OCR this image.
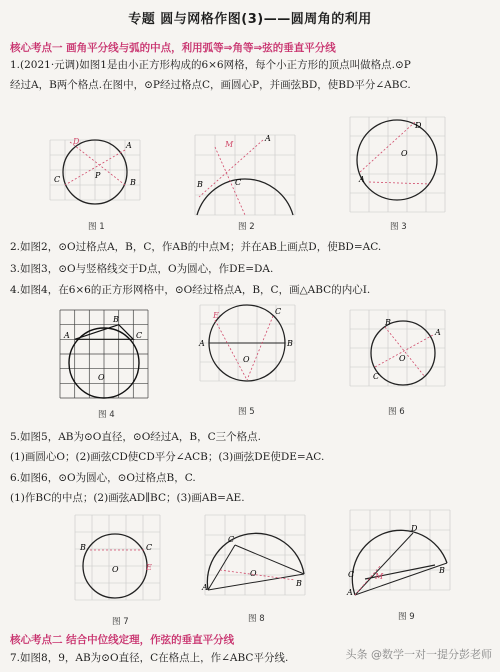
专题 圆与网格作图(3)——圆周角的利用
核心考点一 画角平分线与弧的中点，利用弧等⇒角等⇒弦的垂直平分线
1.(2021·元调)如图1是由小正方形构成的6×6网格，每个小正方形的顶点叫做格点.⊙P
经过A，B两个格点.在图中，⊙P经过格点C，画圆心P，并画弦BD，使BD平分∠ABC.
A
B
C
D
P
图 1
A
B
M
C
图 2
O
D
A
图 3
2.如图2，⊙O过格点A，B，C，作AB的中点M；并在AB上画点D，使BD=AC.
3.如图3，⊙O与竖格线交于D点，O为圆心，作DE=DA.
4.如图4，在6×6的正方形网格中，⊙O经过格点A，B，C，画△ABC的内心I.
A	C
O
B
图 4
A
E	C
O
B
图 5
O
A
B
C
图 6
5.如图5，AB为⊙O直径，⊙O经过A，B，C三个格点.
(1)画圆心O；(2)画弦CD使CD平分∠ACB；(3)画弦DE使DE=AC.
6.如图6，⊙O为圆心，⊙O过格点B，C.
(1)作BC的中点；(2)画弦AD∥BC；(3)画AB=AE.
O
B	C
E
图 7
C
B
A
O
图 8
D
C	M
B
A
图 9
核心考点二 结合中位线定理，作弦的垂直平分线
7.如图8，9，AB为⊙O直径，C在格点上，作∠ABC平分线.	头条 @数学一对一提分彭老师
